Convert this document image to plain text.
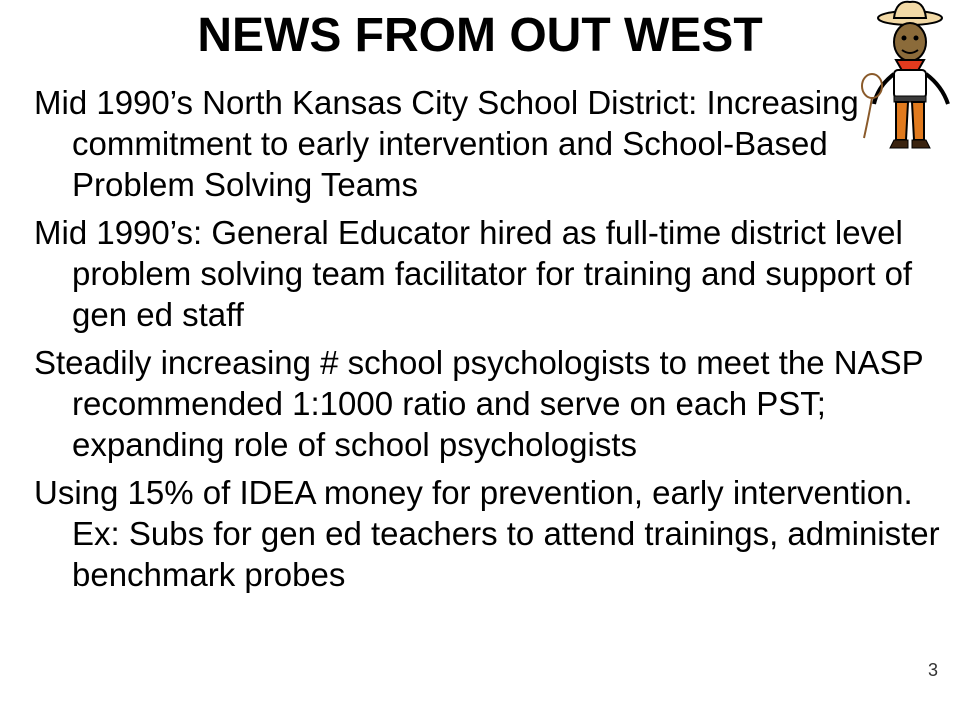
NEWS FROM OUT WEST

Mid 1990’s North Kansas City School District: Increasing commitment to early intervention and School-Based Problem Solving Teams

Mid 1990’s: General Educator hired as full-time district level problem solving team facilitator for training and support of gen ed staff

Steadily increasing # school psychologists to meet the NASP recommended 1:1000 ratio and serve on each PST; expanding role of school psychologists

Using 15% of IDEA money for prevention, early intervention. Ex: Subs for gen ed teachers to attend trainings, administer benchmark probes

3
